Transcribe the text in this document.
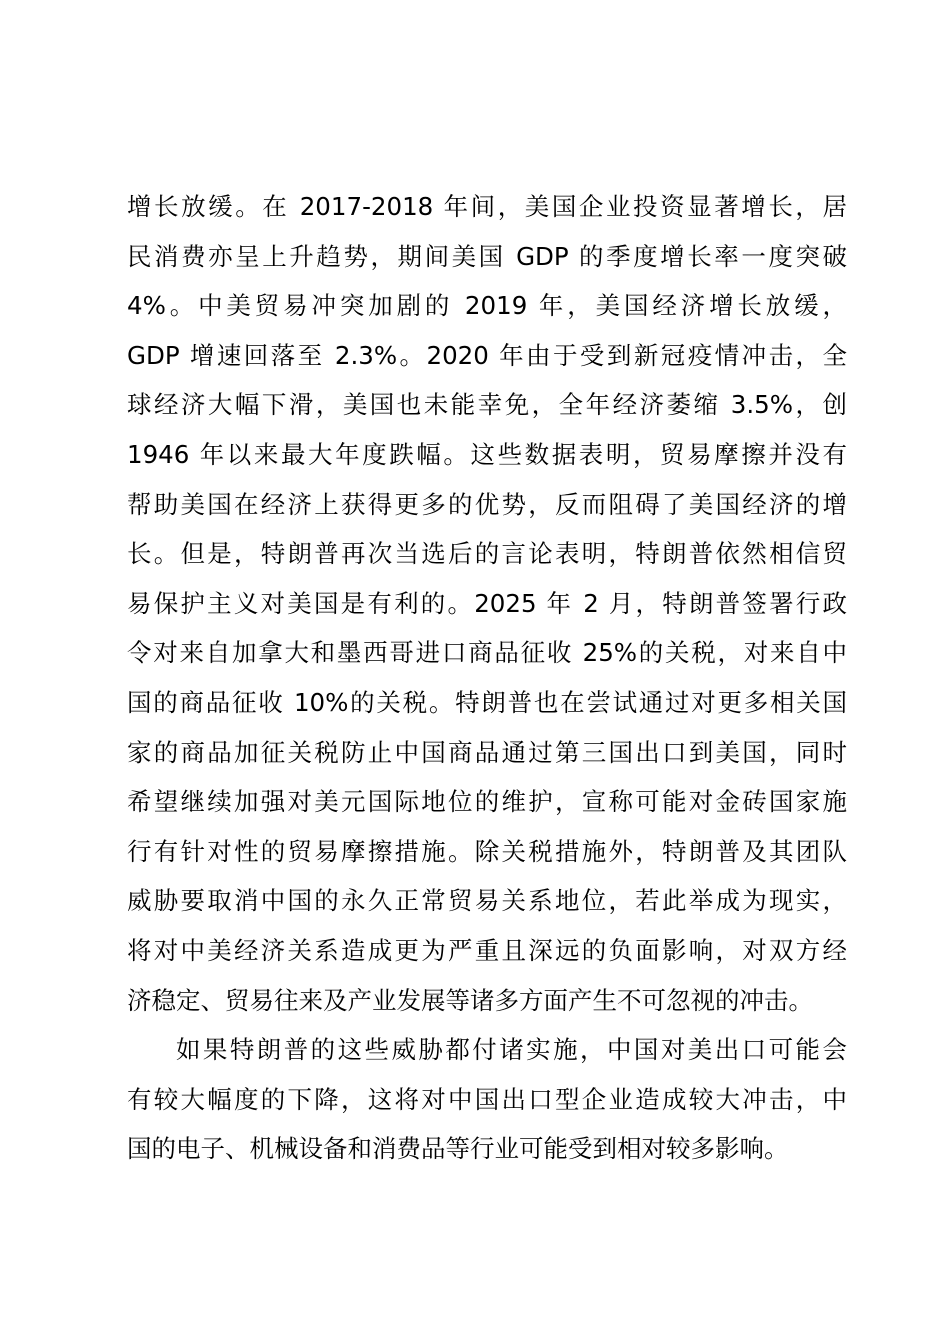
增长放缓。在 2017-2018 年间，美国企业投资显著增长，居
民消费亦呈上升趋势，期间美国 GDP 的季度增长率一度突破
4%。中美贸易冲突加剧的 2019 年，美国经济增长放缓，
GDP 增速回落至 2.3%。2020 年由于受到新冠疫情冲击，全
球经济大幅下滑，美国也未能幸免，全年经济萎缩 3.5%，创
1946 年以来最大年度跌幅。这些数据表明，贸易摩擦并没有
帮助美国在经济上获得更多的优势，反而阻碍了美国经济的增
长。但是，特朗普再次当选后的言论表明，特朗普依然相信贸
易保护主义对美国是有利的。2025 年 2 月，特朗普签署行政
令对来自加拿大和墨西哥进口商品征收 25%的关税，对来自中
国的商品征收 10%的关税。特朗普也在尝试通过对更多相关国
家的商品加征关税防止中国商品通过第三国出口到美国，同时
希望继续加强对美元国际地位的维护，宣称可能对金砖国家施
行有针对性的贸易摩擦措施。除关税措施外，特朗普及其团队
威胁要取消中国的永久正常贸易关系地位，若此举成为现实，
将对中美经济关系造成更为严重且深远的负面影响，对双方经
济稳定、贸易往来及产业发展等诸多方面产生不可忽视的冲击。
如果特朗普的这些威胁都付诸实施，中国对美出口可能会
有较大幅度的下降，这将对中国出口型企业造成较大冲击，中
国的电子、机械设备和消费品等行业可能受到相对较多影响。
